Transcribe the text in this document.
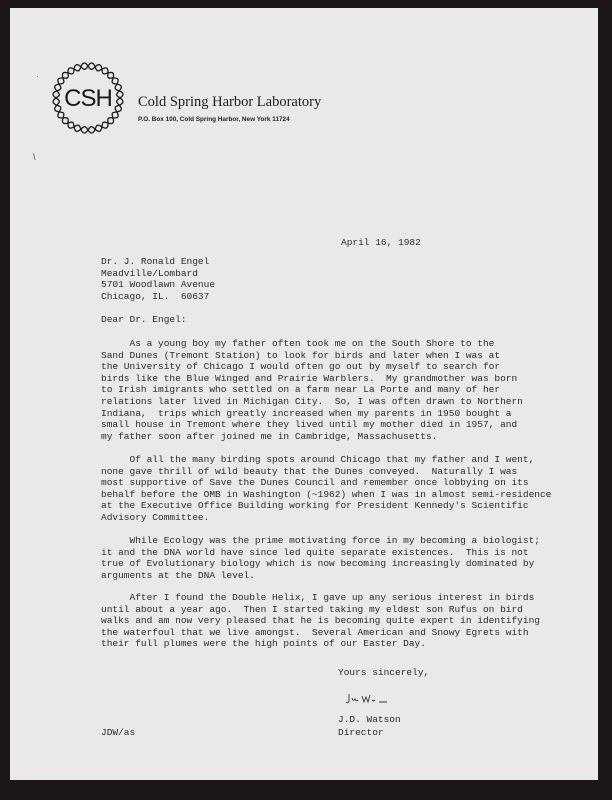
CSH Cold Spring Harbor Laboratory
P.O. Box 100, Cold Spring Harbor, New York 11724
·
\
April 16, 1982
Dr. J. Ronald Engel
Meadville/Lombard
5701 Woodlawn Avenue
Chicago, IL.  60637
Dear Dr. Engel:
As a young boy my father often took me on the South Shore to the
Sand Dunes (Tremont Station) to look for birds and later when I was at
the University of Chicago I would often go out by myself to search for
birds like the Blue Winged and Prairie Warblers.  My grandmother was born
to Irish imigrants who settled on a farm near La Porte and many of her
relations later lived in Michigan City.  So, I was often drawn to Northern
Indiana,  trips which greatly increased when my parents in 1950 bought a
small house in Tremont where they lived until my mother died in 1957, and
my father soon after joined me in Cambridge, Massachusetts.
Of all the many birding spots around Chicago that my father and I went,
none gave thrill of wild beauty that the Dunes conveyed.  Naturally I was
most supportive of Save the Dunes Council and remember once lobbying on its
behalf before the OMB in Washington (~1962) when I was in almost semi-residence
at the Executive Office Building working for President Kennedy's Scientific
Advisory Committee.
While Ecology was the prime motivating force in my becoming a biologist;
it and the DNA world have since led quite separate existences.  This is not
true of Evolutionary biology which is now becoming increasingly dominated by
arguments at the DNA level.
After I found the Double Helix, I gave up any serious interest in birds
until about a year ago.  Then I started taking my eldest son Rufus on bird
walks and am now very pleased that he is becoming quite expert in identifying
the waterfoul that we live amongst.  Several American and Snowy Egrets with
their full plumes were the high points of our Easter Day.
Yours sincerely,
J.D. Watson
Director
JDW/as
